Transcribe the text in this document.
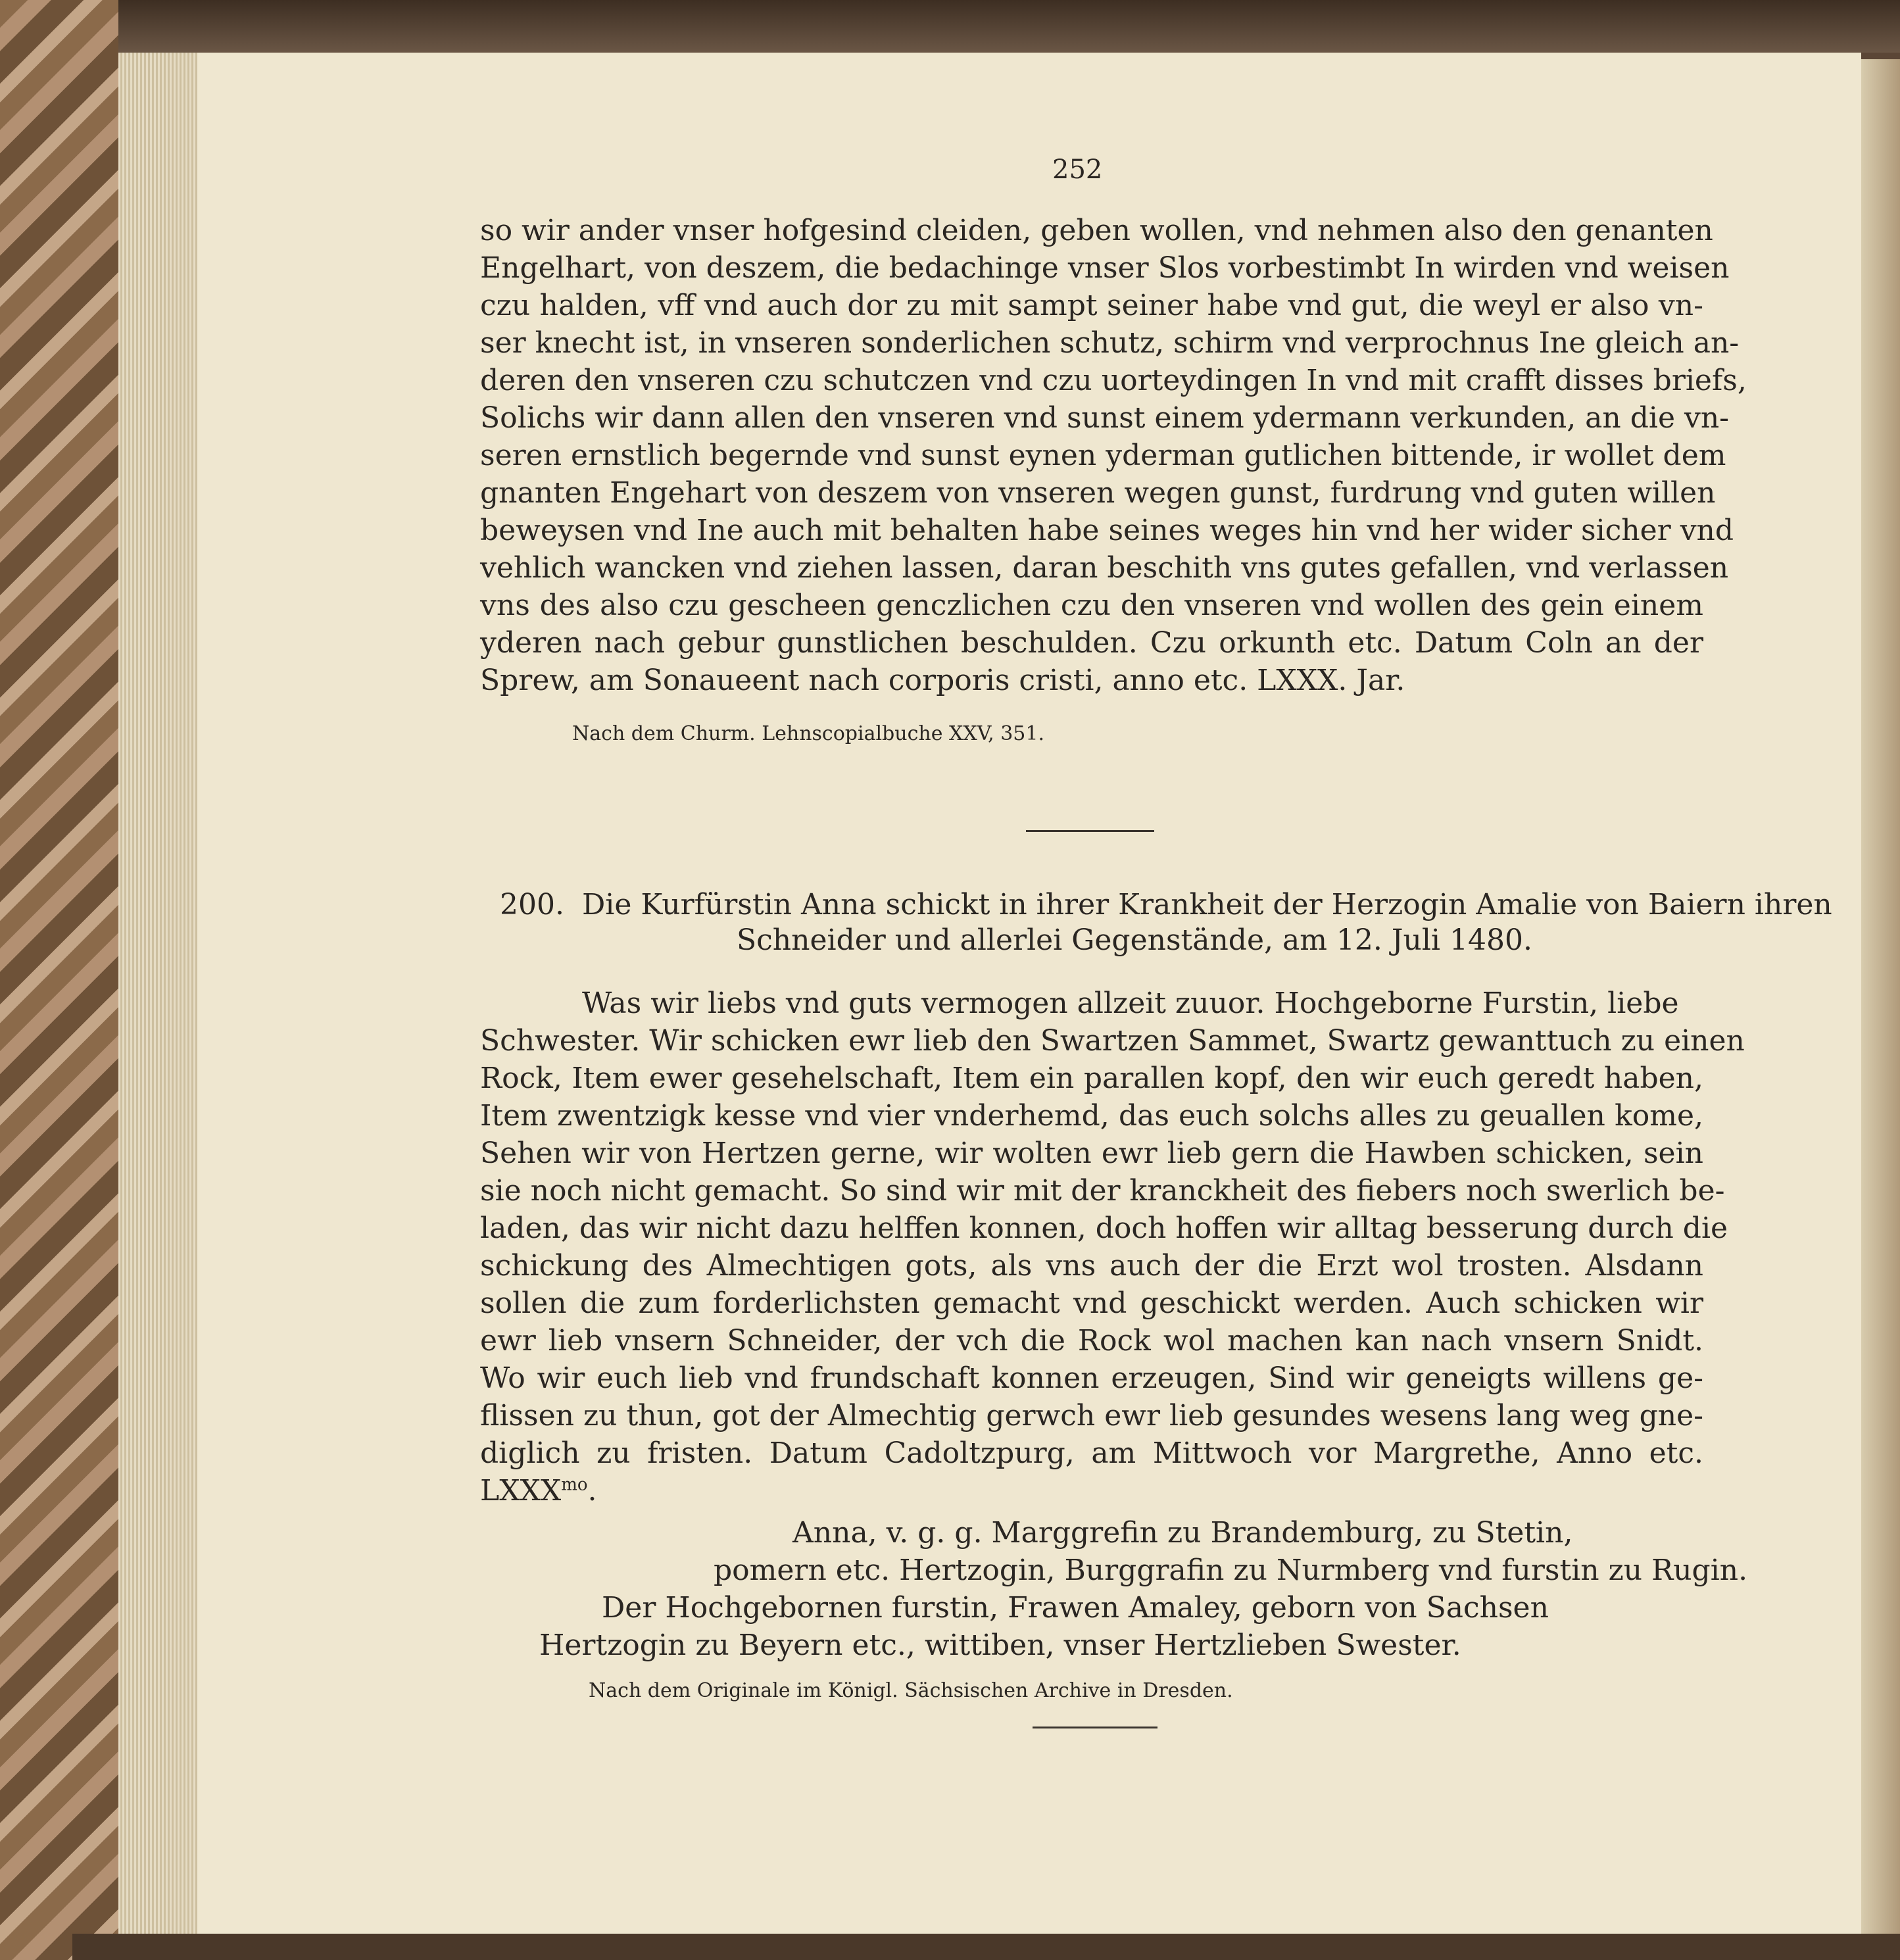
252
so wir ander vnser hofgesind cleiden, geben wollen, vnd nehmen also den genanten
Engelhart, von deszem, die bedachinge vnser Slos vorbestimbt In wirden vnd weisen
czu halden, vff vnd auch dor zu mit sampt seiner habe vnd gut, die weyl er also vn-
ser knecht ist, in vnseren sonderlichen schutz, schirm vnd verprochnus Ine gleich an-
deren den vnseren czu schutczen vnd czu uorteydingen In vnd mit crafft disses briefs,
Solichs wir dann allen den vnseren vnd sunst einem ydermann verkunden, an die vn-
seren ernstlich begernde vnd sunst eynen yderman gutlichen bittende, ir wollet dem
gnanten Engehart von deszem von vnseren wegen gunst, furdrung vnd guten willen
beweysen vnd Ine auch mit behalten habe seines weges hin vnd her wider sicher vnd
vehlich wancken vnd ziehen lassen, daran beschith vns gutes gefallen, vnd verlassen
vns des also czu gescheen genczlichen czu den vnseren vnd wollen des gein einem
yderen nach gebur gunstlichen beschulden. Czu orkunth etc. Datum Coln an der
Sprew, am Sonaueent nach corporis cristi, anno etc. LXXX. Jar.
Nach dem Churm. Lehnscopialbuche XXV, 351.
200. Die Kurfürstin Anna schickt in ihrer Krankheit der Herzogin Amalie von Baiern ihren
Schneider und allerlei Gegenstände, am 12. Juli 1480.
Was wir liebs vnd guts vermogen allzeit zuuor. Hochgeborne Furstin, liebe
Schwester. Wir schicken ewr lieb den Swartzen Sammet, Swartz gewanttuch zu einen
Rock, Item ewer gesehelschaft, Item ein parallen kopf, den wir euch geredt haben,
Item zwentzigk kesse vnd vier vnderhemd, das euch solchs alles zu geuallen kome,
Sehen wir von Hertzen gerne, wir wolten ewr lieb gern die Hawben schicken, sein
sie noch nicht gemacht. So sind wir mit der kranckheit des fiebers noch swerlich be-
laden, das wir nicht dazu helffen konnen, doch hoffen wir alltag besserung durch die
schickung des Almechtigen gots, als vns auch der die Erzt wol trosten. Alsdann
sollen die zum forderlichsten gemacht vnd geschickt werden. Auch schicken wir
ewr lieb vnsern Schneider, der vch die Rock wol machen kan nach vnsern Snidt.
Wo wir euch lieb vnd frundschaft konnen erzeugen, Sind wir geneigts willens ge-
flissen zu thun, got der Almechtig gerwch ewr lieb gesundes wesens lang weg gne-
diglich zu fristen. Datum Cadoltzpurg, am Mittwoch vor Margrethe, Anno etc.
$LXXX^{mo}$.
Anna, v. g. g. Marggrefin zu Brandemburg, zu Stetin,
pomern etc. Hertzogin, Burggrafin zu Nurmberg vnd furstin zu Rugin.
Der Hochgebornen furstin, Frawen Amaley, geborn von Sachsen
Hertzogin zu Beyern etc., wittiben, vnser Hertzlieben Swester.
Nach dem Originale im Königl. Sächsischen Archive in Dresden.
